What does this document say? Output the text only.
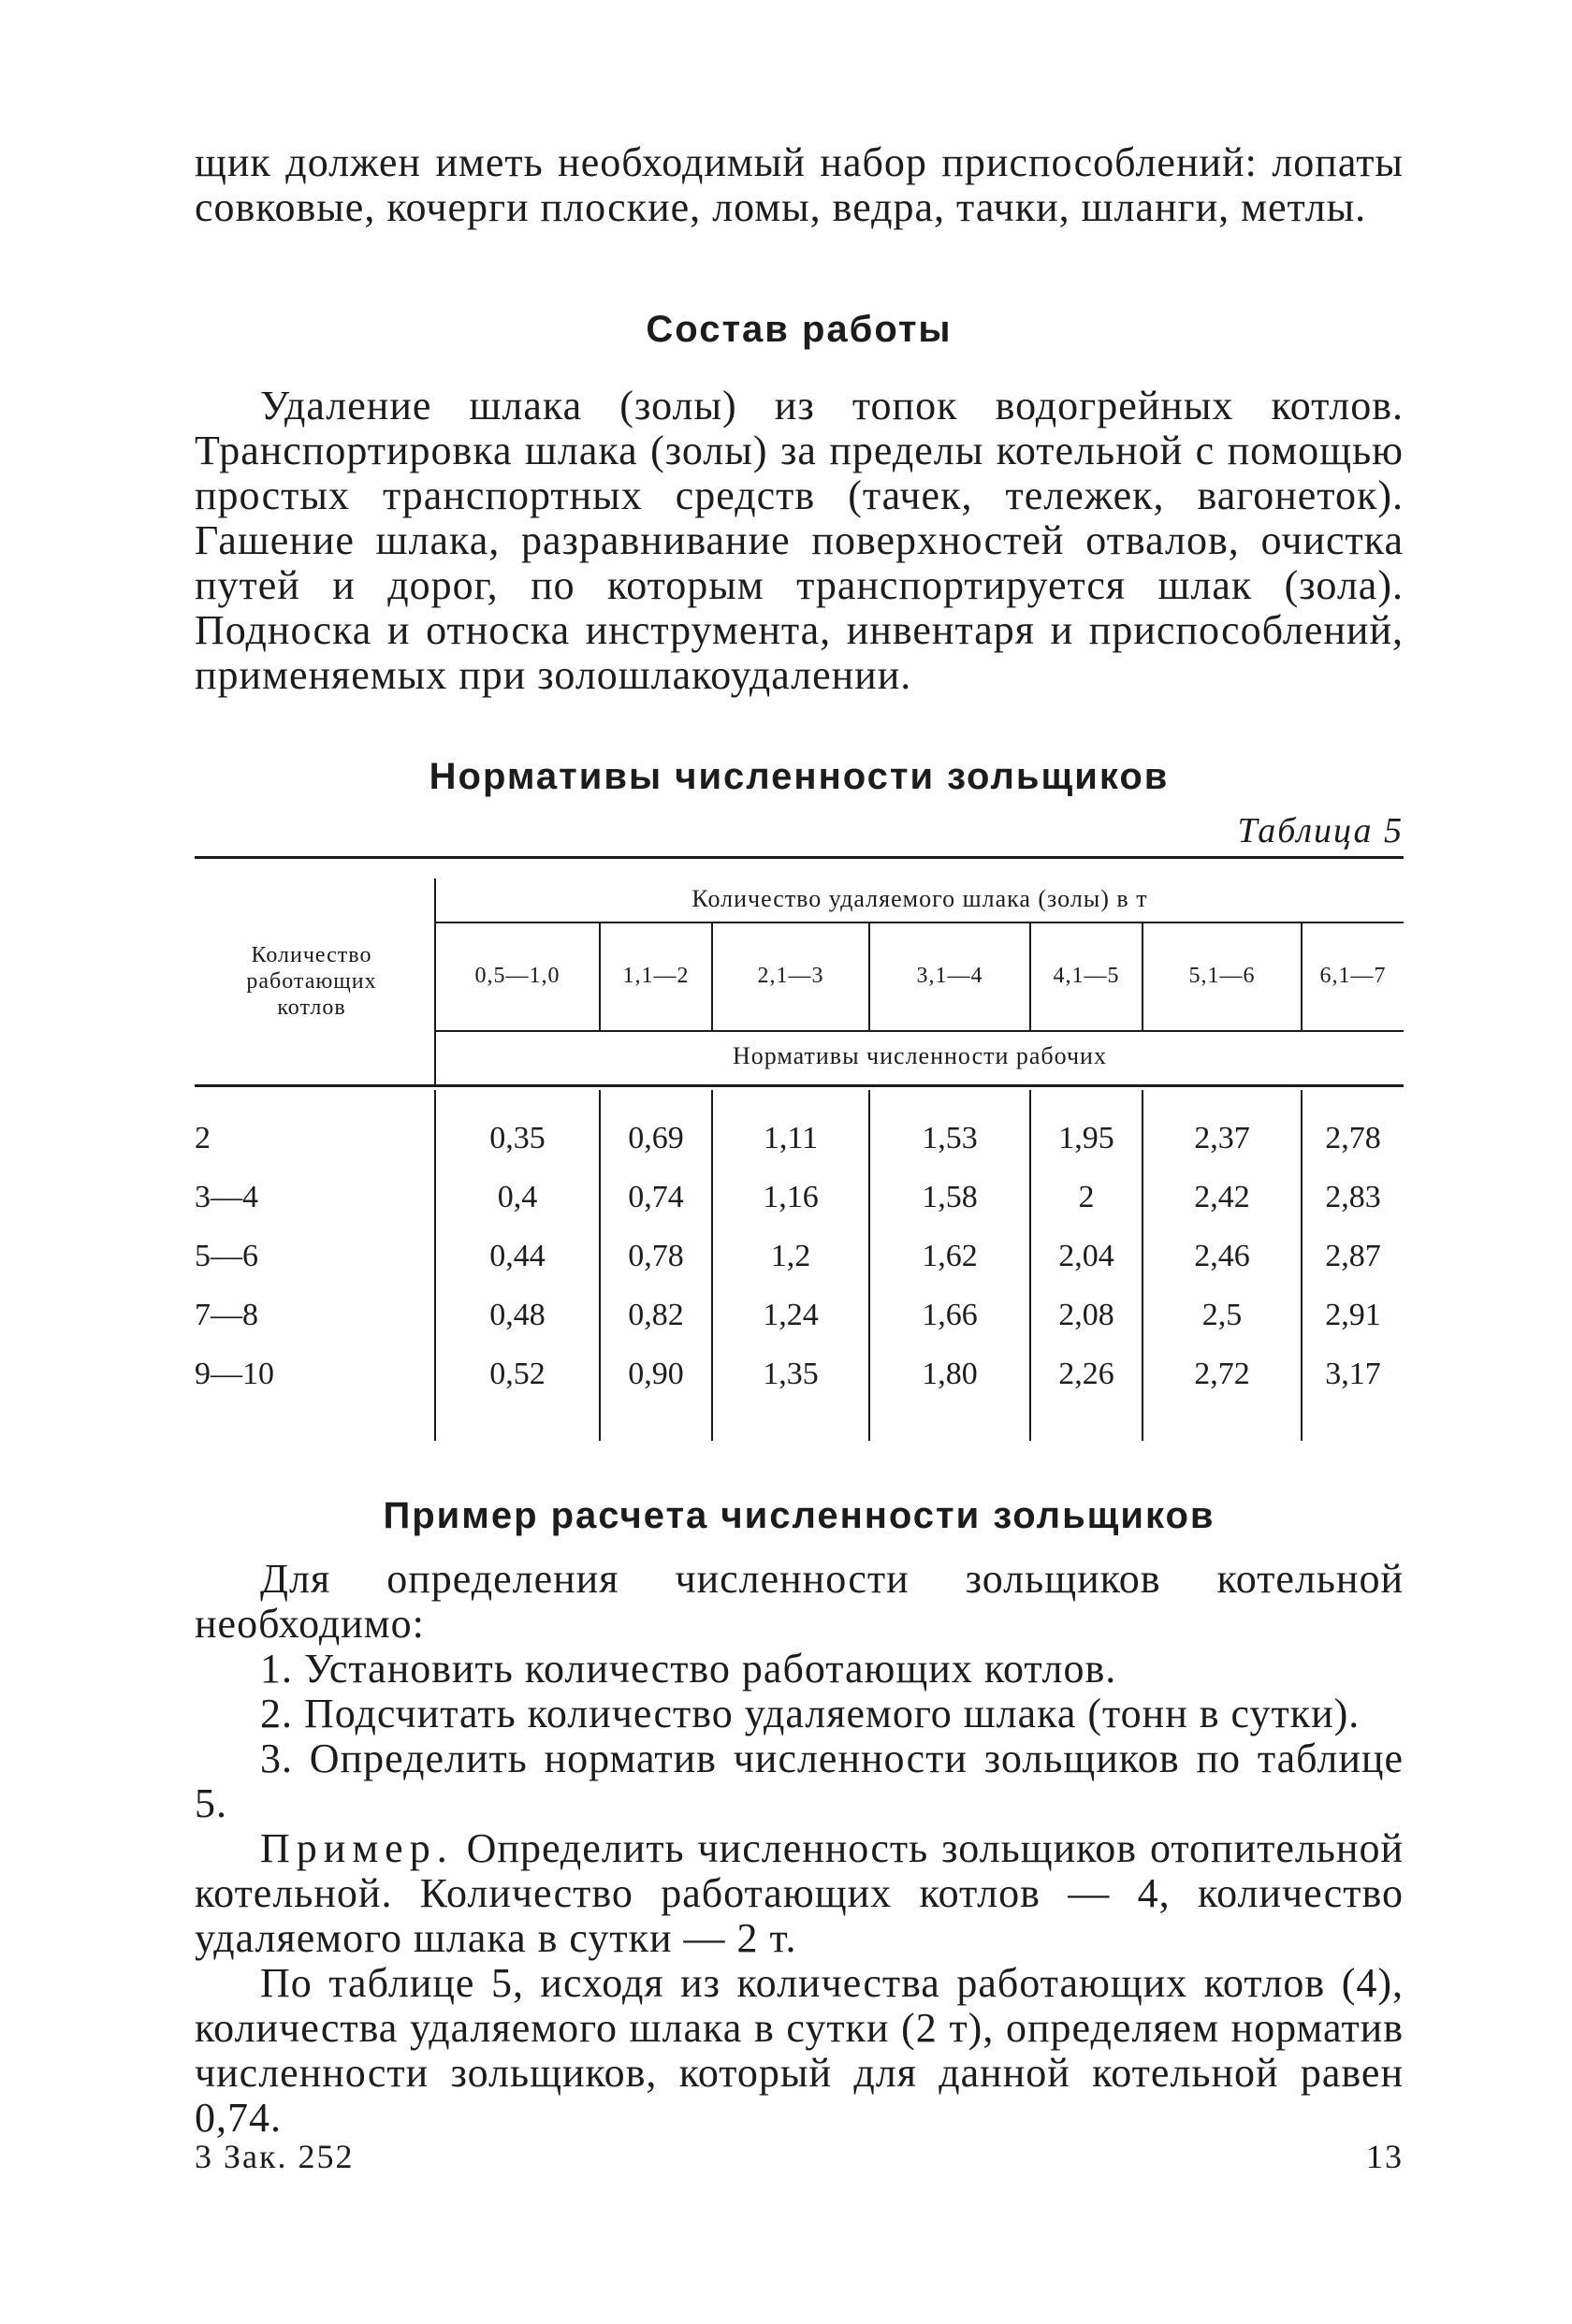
щик должен иметь необходимый набор приспособлений: лопаты совковые, кочерги плоские, ломы, ведра, тачки, шланги, метлы.

Состав работы

Удаление шлака (золы) из топок водогрейных котлов. Транспортировка шлака (золы) за пределы котельной с помощью простых транспортных средств (тачек, тележек, вагонеток). Гашение шлака, разравнивание поверхностей отвалов, очистка путей и дорог, по которым транспортируется шлак (зола). Подноска и относка инструмента, инвентаря и приспособлений, применяемых при золошлакоудалении.

Нормативы численности зольщиков

Таблица 5

Количество работающих котлов
Количество удаляемого шлака (золы) в т
0,5—1,0	1,1—2	2,1—3	3,1—4	4,1—5	5,1—6	6,1—7
Нормативы численности рабочих
2	0,35	0,69	1,11	1,53	1,95	2,37	2,78
3—4	0,4	0,74	1,16	1,58	2	2,42	2,83
5—6	0,44	0,78	1,2	1,62	2,04	2,46	2,87
7—8	0,48	0,82	1,24	1,66	2,08	2,5	2,91
9—10	0,52	0,90	1,35	1,80	2,26	2,72	3,17

Пример расчета численности зольщиков

Для определения численности зольщиков котельной необходимо:

1. Установить количество работающих котлов.

2. Подсчитать количество удаляемого шлака (тонн в сутки).

3. Определить норматив численности зольщиков по таблице 5.

Пример. Определить численность зольщиков отопительной котельной. Количество работающих котлов — 4, количество удаляемого шлака в сутки — 2 т.

По таблице 5, исходя из количества работающих котлов (4), количества удаляемого шлака в сутки (2 т), определяем норматив численности зольщиков, который для данной котельной равен 0,74.

3 Зак. 252	13
